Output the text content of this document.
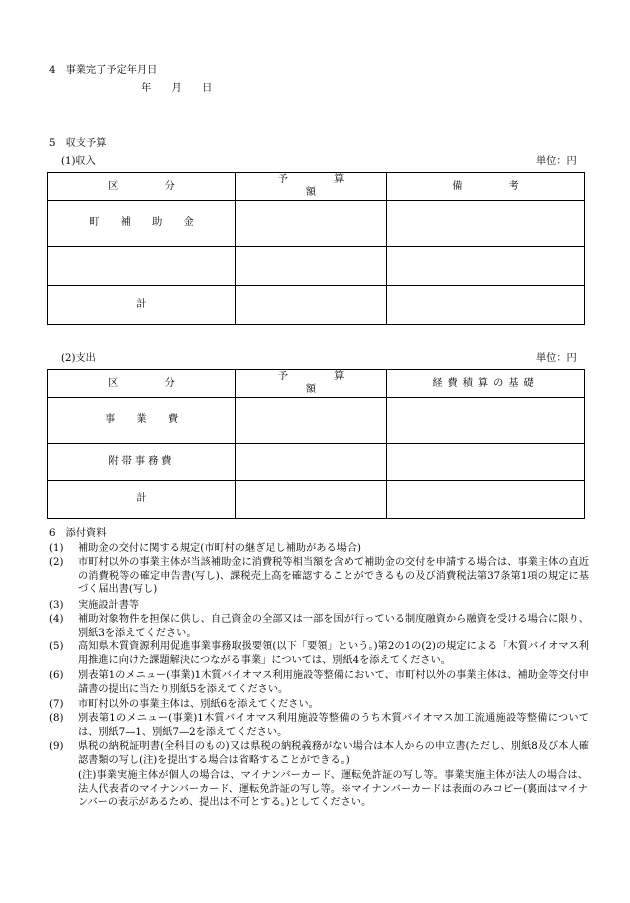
4　事業完了予定年月日
年　　月　　日
5　収支予算
(1)収入	単位：円
区　分	予　算　額	備　考
町 補 助 金		

計		
(2)支出	単位：円
区　分	予　算　額	経費積算の基礎
事 業 費		
附帯事務費		
計		
6　添付資料
(1) 補助金の交付に関する規定(市町村の継ぎ足し補助がある場合)
(2) 市町村以外の事業主体が当該補助金に消費税等相当額を含めて補助金の交付を申請する場合は、事業主体の直近の消費税等の確定申告書(写し)、課税売上高を確認することができるもの及び消費税法第37条第1項の規定に基づく届出書(写し)
(3) 実施設計書等
(4) 補助対象物件を担保に供し、自己資金の全部又は一部を国が行っている制度融資から融資を受ける場合に限り、別紙3を添えてください。
(5) 高知県木質資源利用促進事業事務取扱要領(以下「要領」という。)第2の1の(2)の規定による「木質バイオマス利用推進に向けた課題解決につながる事業」については、別紙4を添えてください。
(6) 別表第1のメニュー(事業)1木質バイオマス利用施設等整備において、市町村以外の事業主体は、補助金等交付申請書の提出に当たり別紙5を添えてください。
(7) 市町村以外の事業主体は、別紙6を添えてください。
(8) 別表第1のメニュー(事業)1木質バイオマス利用施設等整備のうち木質バイオマス加工流通施設等整備については、別紙7—1、別紙7—2を添えてください。
(9) 県税の納税証明書(全科目のもの)又は県税の納税義務がない場合は本人からの申立書(ただし、別紙8及び本人確認書類の写し(注)を提出する場合は省略することができる。)
(注)事業実施主体が個人の場合は、マイナンバーカード、運転免許証の写し等。事業実施主体が法人の場合は、法人代表者のマイナンバーカード、運転免許証の写し等。※マイナンバーカードは表面のみコピー(裏面はマイナンバーの表示があるため、提出は不可とする。)としてください。
